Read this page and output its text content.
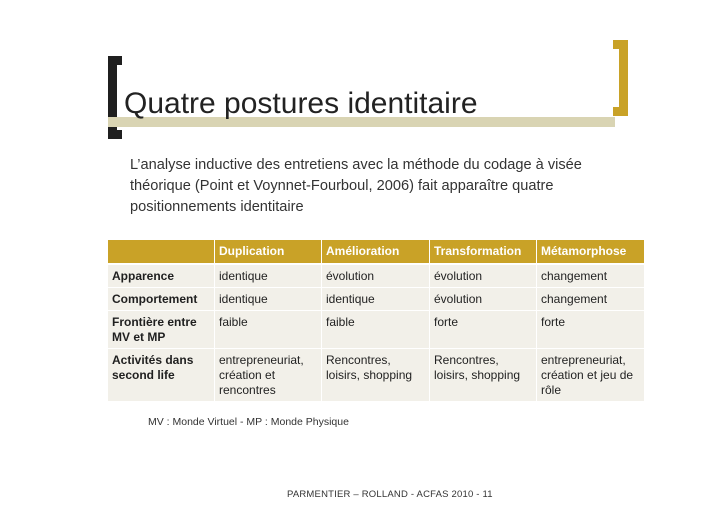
Quatre postures identitaire

L’analyse inductive des entretiens avec la méthode du codage à visée théorique (Point et Voynnet-Fourboul, 2006) fait apparaître quatre positionnements identitaire

	Duplication	Amélioration	Transformation	Métamorphose
Apparence	identique	évolution	évolution	changement
Comportement	identique	identique	évolution	changement
Frontière entre MV et MP	faible	faible	forte	forte
Activités dans second life	entrepreneuriat, création et rencontres	Rencontres, loisirs, shopping	Rencontres, loisirs, shopping	entrepreneuriat, création et jeu de rôle

MV : Monde Virtuel - MP : Monde Physique

PARMENTIER – ROLLAND - ACFAS 2010 - 11
